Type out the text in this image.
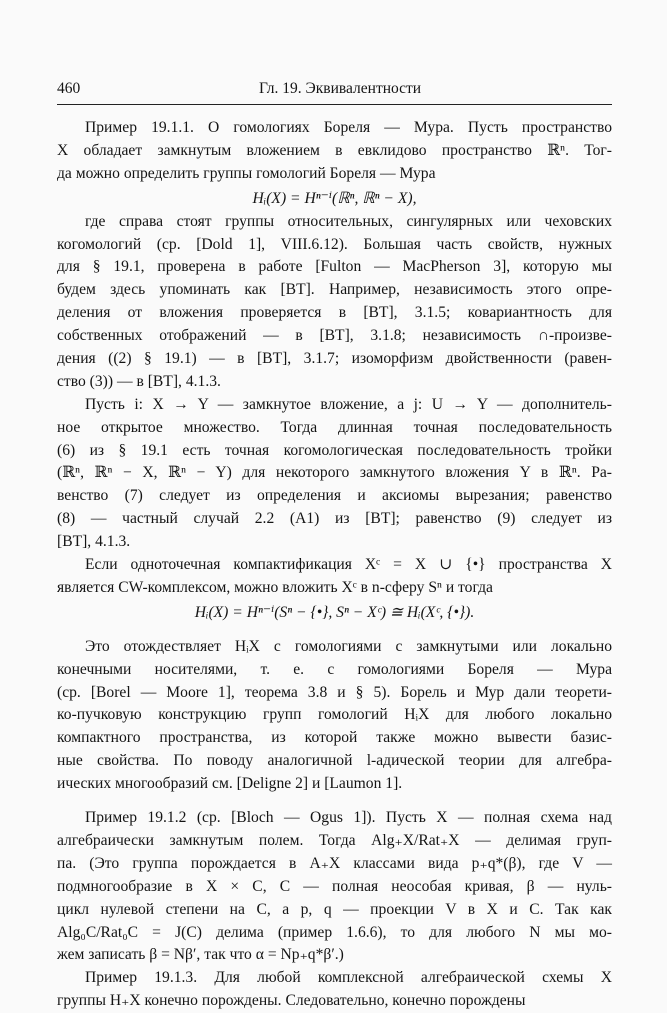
460	Гл. 19. Эквивалентности
Пример 19.1.1. О гомологиях Бореля — Мура. Пусть пространство
X обладает замкнутым вложением в евклидово пространство ℝⁿ. Тог-
да можно определить группы гомологий Бореля — Мура
Hᵢ(X) = Hⁿ⁻ⁱ(ℝⁿ, ℝⁿ − X),
где справа стоят группы относительных, сингулярных или чеховских
когомологий (ср. [Dold 1], VIII.6.12). Большая часть свойств, нужных
для § 19.1, проверена в работе [Fulton — MacPherson 3], которую мы
будем здесь упоминать как [BT]. Например, независимость этого опре-
деления от вложения проверяется в [BT], 3.1.5; ковариантность для
собственных отображений — в [BT], 3.1.8; независимость ∩-произве-
дения ((2) § 19.1) — в [BT], 3.1.7; изоморфизм двойственности (равен-
ство (3)) — в [BT], 4.1.3.
Пусть i: X → Y — замкнутое вложение, а j: U → Y — дополнитель-
ное открытое множество. Тогда длинная точная последовательность
(6) из § 19.1 есть точная когомологическая последовательность тройки
(ℝⁿ, ℝⁿ − X, ℝⁿ − Y) для некоторого замкнутого вложения Y в ℝⁿ. Ра-
венство (7) следует из определения и аксиомы вырезания; равенство
(8) — частный случай 2.2 (A1) из [BT]; равенство (9) следует из
[BT], 4.1.3.
Если одноточечная компактификация Xᶜ = X ∪ {•} пространства X
является CW-комплексом, можно вложить Xᶜ в n-сферу Sⁿ и тогда
Hᵢ(X) = Hⁿ⁻ⁱ(Sⁿ − {•}, Sⁿ − Xᶜ) ≅ Hᵢ(Xᶜ, {•}).
Это отождествляет HᵢX с гомологиями с замкнутыми или локально
конечными носителями, т. е. с гомологиями Бореля — Мура
(ср. [Borel — Moore 1], теорема 3.8 и § 5). Борель и Мур дали теорети-
ко-пучковую конструкцию групп гомологий HᵢX для любого локально
компактного пространства, из которой также можно вывести базис-
ные свойства. По поводу аналогичной l-адической теории для алгебра-
ических многообразий см. [Deligne 2] и [Laumon 1].
Пример 19.1.2 (ср. [Bloch — Ogus 1]). Пусть X — полная схема над
алгебраически замкнутым полем. Тогда Alg₊X/Rat₊X — делимая груп-
па. (Это группа порождается в A₊X классами вида p₊q*(β), где V —
подмногообразие в X × C, C — полная неособая кривая, β — нуль-
цикл нулевой степени на C, а p, q — проекции V в X и C. Так как
Alg₀C/Rat₀C = J(C) делима (пример 1.6.6), то для любого N мы мо-
жем записать β = Nβ′, так что α = Np₊q*β′.)
Пример 19.1.3. Для любой комплексной алгебраической схемы X
группы H₊X конечно порождены. Следовательно, конечно порождены
